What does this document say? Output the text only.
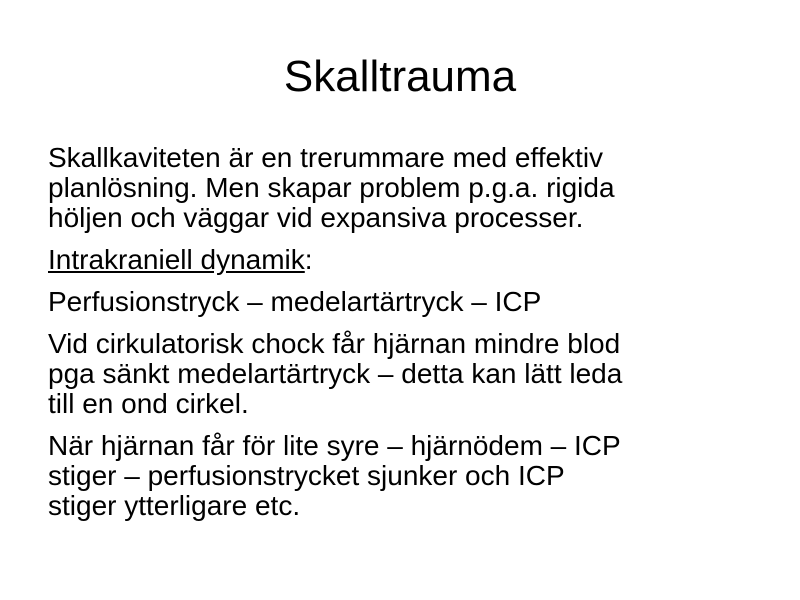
Skalltrauma

Skallkaviteten är en trerummare med effektiv
planlösning. Men skapar problem p.g.a. rigida
höljen och väggar vid expansiva processer.

Intrakraniell dynamik:

Perfusionstryck – medelartärtryck – ICP

Vid cirkulatorisk chock får hjärnan mindre blod
pga sänkt medelartärtryck – detta kan lätt leda
till en ond cirkel.

När hjärnan får för lite syre – hjärnödem – ICP
stiger – perfusionstrycket sjunker och ICP
stiger ytterligare etc.
